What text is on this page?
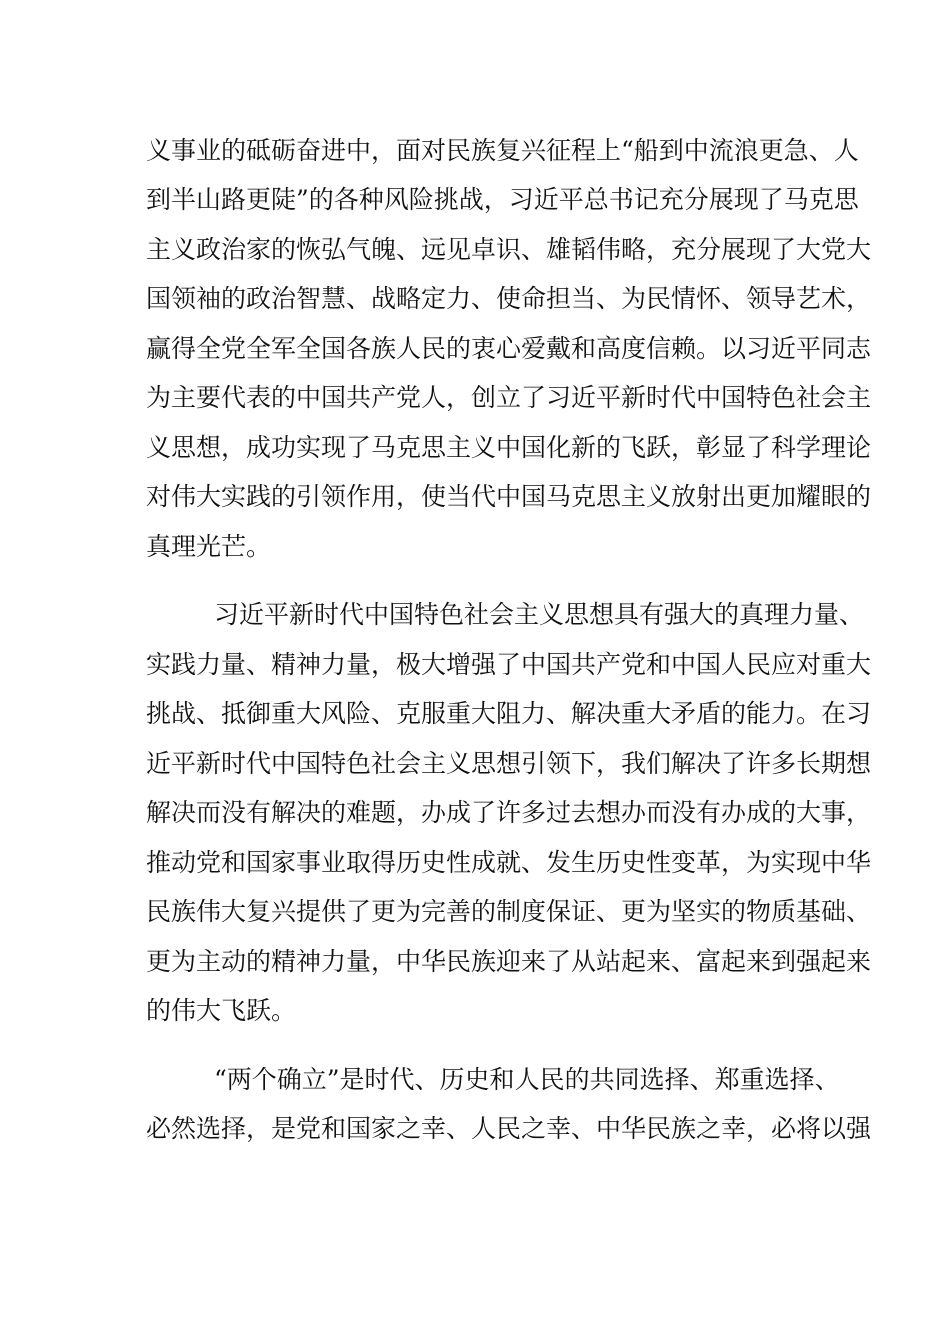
义事业的砥砺奋进中，面对民族复兴征程上“船到中流浪更急、人
到半山路更陡”的各种风险挑战，习近平总书记充分展现了马克思
主义政治家的恢弘气魄、远见卓识、雄韬伟略，充分展现了大党大
国领袖的政治智慧、战略定力、使命担当、为民情怀、领导艺术，
赢得全党全军全国各族人民的衷心爱戴和高度信赖。以习近平同志
为主要代表的中国共产党人，创立了习近平新时代中国特色社会主
义思想，成功实现了马克思主义中国化新的飞跃，彰显了科学理论
对伟大实践的引领作用，使当代中国马克思主义放射出更加耀眼的
真理光芒。
习近平新时代中国特色社会主义思想具有强大的真理力量、
实践力量、精神力量，极大增强了中国共产党和中国人民应对重大
挑战、抵御重大风险、克服重大阻力、解决重大矛盾的能力。在习
近平新时代中国特色社会主义思想引领下，我们解决了许多长期想
解决而没有解决的难题，办成了许多过去想办而没有办成的大事，
推动党和国家事业取得历史性成就、发生历史性变革，为实现中华
民族伟大复兴提供了更为完善的制度保证、更为坚实的物质基础、
更为主动的精神力量，中华民族迎来了从站起来、富起来到强起来
的伟大飞跃。
“两个确立”是时代、历史和人民的共同选择、郑重选择、
必然选择，是党和国家之幸、人民之幸、中华民族之幸，必将以强
